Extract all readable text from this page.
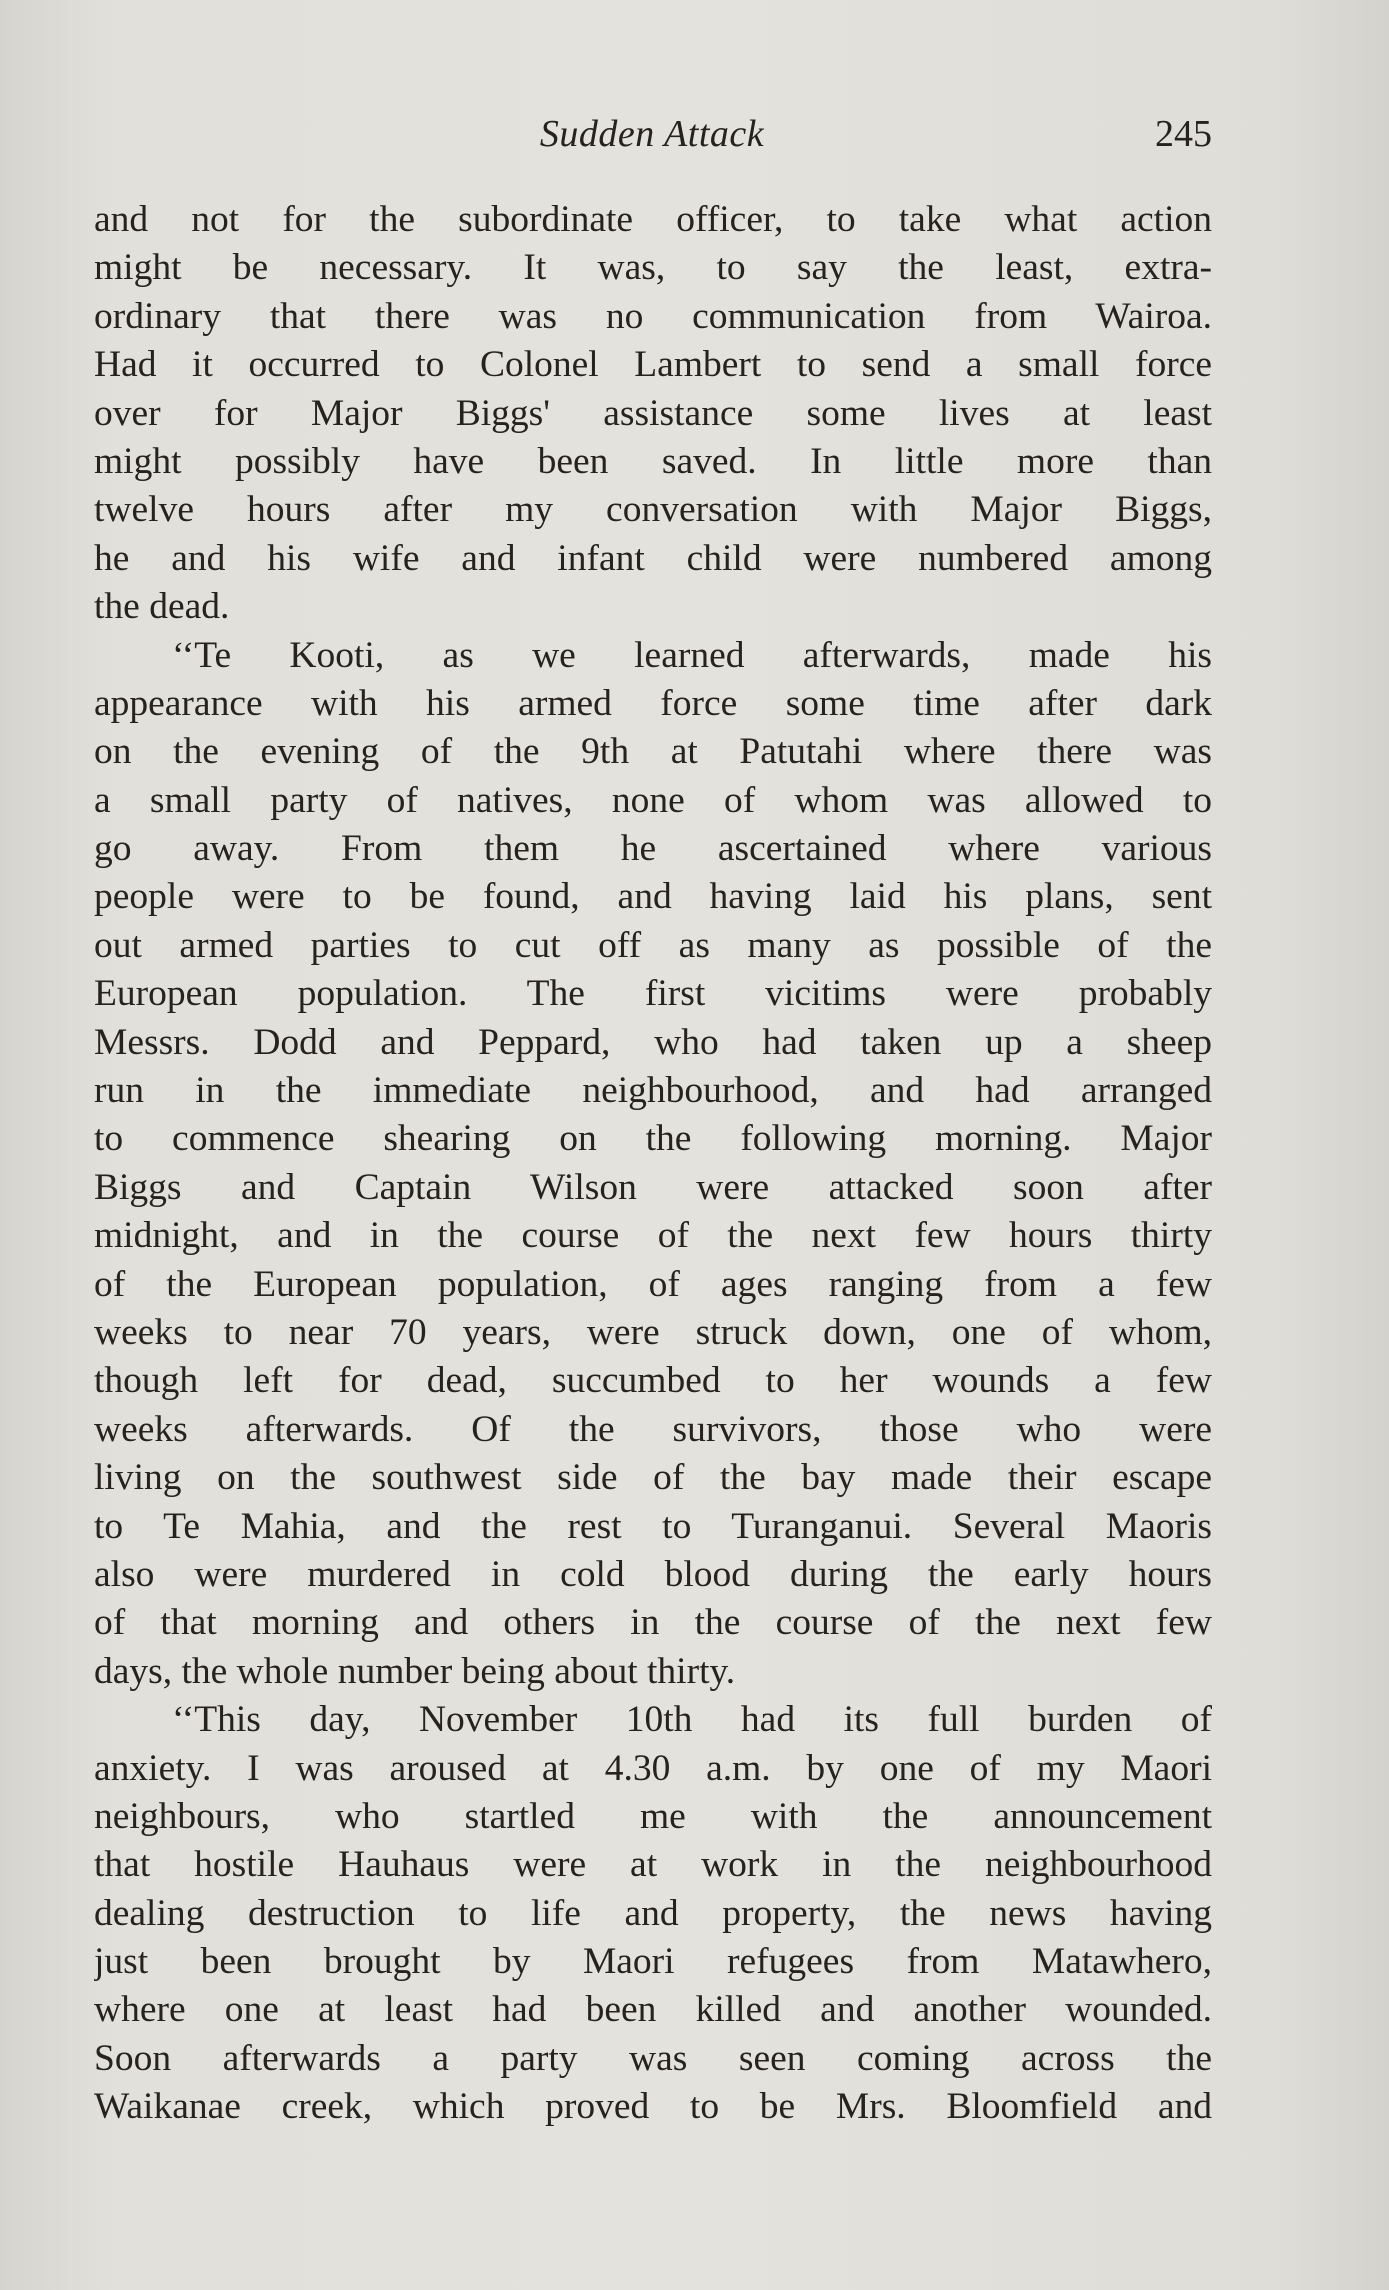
Sudden Attack	245
and not for the subordinate officer, to take what action
might be necessary. It was, to say the least, extra-
ordinary that there was no communication from Wairoa.
Had it occurred to Colonel Lambert to send a small force
over for Major Biggs' assistance some lives at least
might possibly have been saved. In little more than
twelve hours after my conversation with Major Biggs,
he and his wife and infant child were numbered among
the dead.
‘‘Te Kooti, as we learned afterwards, made his
appearance with his armed force some time after dark
on the evening of the 9th at Patutahi where there was
a small party of natives, none of whom was allowed to
go away. From them he ascertained where various
people were to be found, and having laid his plans, sent
out armed parties to cut off as many as possible of the
European population. The first vicitims were probably
Messrs. Dodd and Peppard, who had taken up a sheep
run in the immediate neighbourhood, and had arranged
to commence shearing on the following morning. Major
Biggs and Captain Wilson were attacked soon after
midnight, and in the course of the next few hours thirty
of the European population, of ages ranging from a few
weeks to near 70 years, were struck down, one of whom,
though left for dead, succumbed to her wounds a few
weeks afterwards. Of the survivors, those who were
living on the southwest side of the bay made their escape
to Te Mahia, and the rest to Turanganui. Several Maoris
also were murdered in cold blood during the early hours
of that morning and others in the course of the next few
days, the whole number being about thirty.
‘‘This day, November 10th had its full burden of
anxiety. I was aroused at 4.30 a.m. by one of my Maori
neighbours, who startled me with the announcement
that hostile Hauhaus were at work in the neighbourhood
dealing destruction to life and property, the news having
just been brought by Maori refugees from Matawhero,
where one at least had been killed and another wounded.
Soon afterwards a party was seen coming across the
Waikanae creek, which proved to be Mrs. Bloomfield and
